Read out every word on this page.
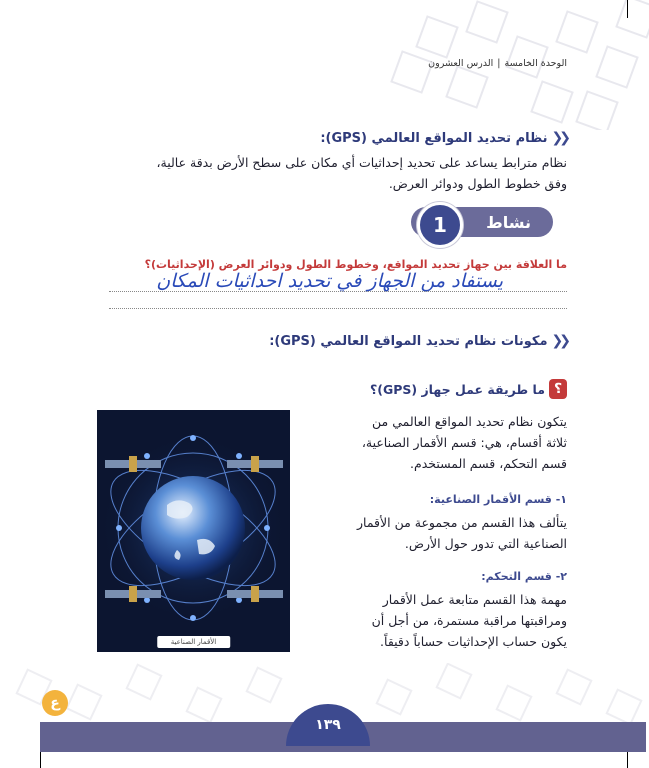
الوحدة الخامسة|الدرس العشرون
❮❮
نظام تحديد المواقع العالمي (GPS):
نظام مترابط يساعد على تحديد إحداثيات أي مكان على سطح الأرض بدقة عالية،
وفق خطوط الطول ودوائر العرض.
نشاط
1
ما العلاقة بين جهاز تحديد المواقع، وخطوط الطول ودوائر العرض (الإحداثيات)؟
يستفاد من الجهاز في تحديد احداثيات المكان
❮❮
مكونات نظام تحديد المواقع العالمي (GPS):
؟
ما طريقة عمل جهاز (GPS)؟
يتكون نظام تحديد المواقع العالمي من
ثلاثة أقسام، هي: قسم الأقمار الصناعية،
قسم التحكم، قسم المستخدم.
١- قسم الأقمار الصناعية:
يتألف هذا القسم من مجموعة من الأقمار
الصناعية التي تدور حول الأرض.
٢- قسم التحكم:
مهمة هذا القسم متابعة عمل الأقمار
ومراقبتها مراقبة مستمرة، من أجل أن
يكون حساب الإحداثيات حساباً دقيقاً.
الأقمار الصناعية
ع
١٣٩
